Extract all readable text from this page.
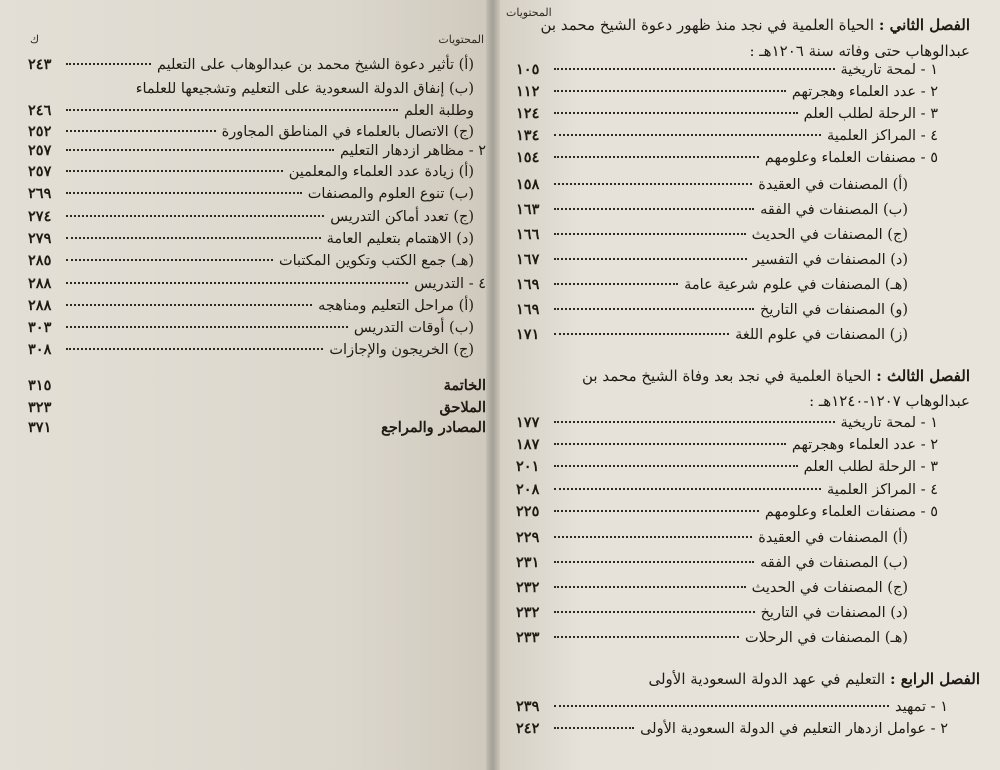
ك	المحتويات
(أ) تأثير دعوة الشيخ محمد بن عبدالوهاب على التعليم
٢٤٣
(ب) إنفاق الدولة السعودية على التعليم وتشجيعها للعلماء
وطلبة العلم
٢٤٦
(ج) الاتصال بالعلماء في المناطق المجاورة
٢٥٢
٢ - مظاهر ازدهار التعليم
٢٥٧
(أ) زيادة عدد العلماء والمعلمين
٢٥٧
(ب) تنوع العلوم والمصنفات
٢٦٩
(ج) تعدد أماكن التدريس
٢٧٤
(د) الاهتمام بتعليم العامة
٢٧٩
(هـ) جمع الكتب وتكوين المكتبات
٢٨٥
٤ - التدريس
٢٨٨
(أ) مراحل التعليم ومناهجه
٢٨٨
(ب) أوقات التدريس
٣٠٣
(ج) الخريجون والإجازات
٣٠٨
الخاتمة
٣١٥
الملاحق
٣٢٣
المصادر والمراجع
٣٧١
المحتويات
الفصل الثاني : الحياة العلمية في نجد منذ ظهور دعوة الشيخ محمد بن
عبدالوهاب حتى وفاته سنة ١٢٠٦هـ :
١ - لمحة تاريخية
١٠٥
٢ - عدد العلماء وهجرتهم
١١٢
٣ - الرحلة لطلب العلم
١٢٤
٤ - المراكز العلمية
١٣٤
٥ - مصنفات العلماء وعلومهم
١٥٤
(أ) المصنفات في العقيدة
١٥٨
(ب) المصنفات في الفقه
١٦٣
(ج) المصنفات في الحديث
١٦٦
(د) المصنفات في التفسير
١٦٧
(هـ) المصنفات في علوم شرعية عامة
١٦٩
(و) المصنفات في التاريخ
١٦٩
(ز) المصنفات في علوم اللغة
١٧١
الفصل الثالث : الحياة العلمية في نجد بعد وفاة الشيخ محمد بن
عبدالوهاب ١٢٠٧-١٢٤٠هـ :
١ - لمحة تاريخية
١٧٧
٢ - عدد العلماء وهجرتهم
١٨٧
٣ - الرحلة لطلب العلم
٢٠١
٤ - المراكز العلمية
٢٠٨
٥ - مصنفات العلماء وعلومهم
٢٢٥
(أ) المصنفات في العقيدة
٢٢٩
(ب) المصنفات في الفقه
٢٣١
(ج) المصنفات في الحديث
٢٣٢
(د) المصنفات في التاريخ
٢٣٢
(هـ) المصنفات في الرحلات
٢٣٣
الفصل الرابع : التعليم في عهد الدولة السعودية الأولى
١ - تمهيد
٢٣٩
٢ - عوامل ازدهار التعليم في الدولة السعودية الأولى
٢٤٢
